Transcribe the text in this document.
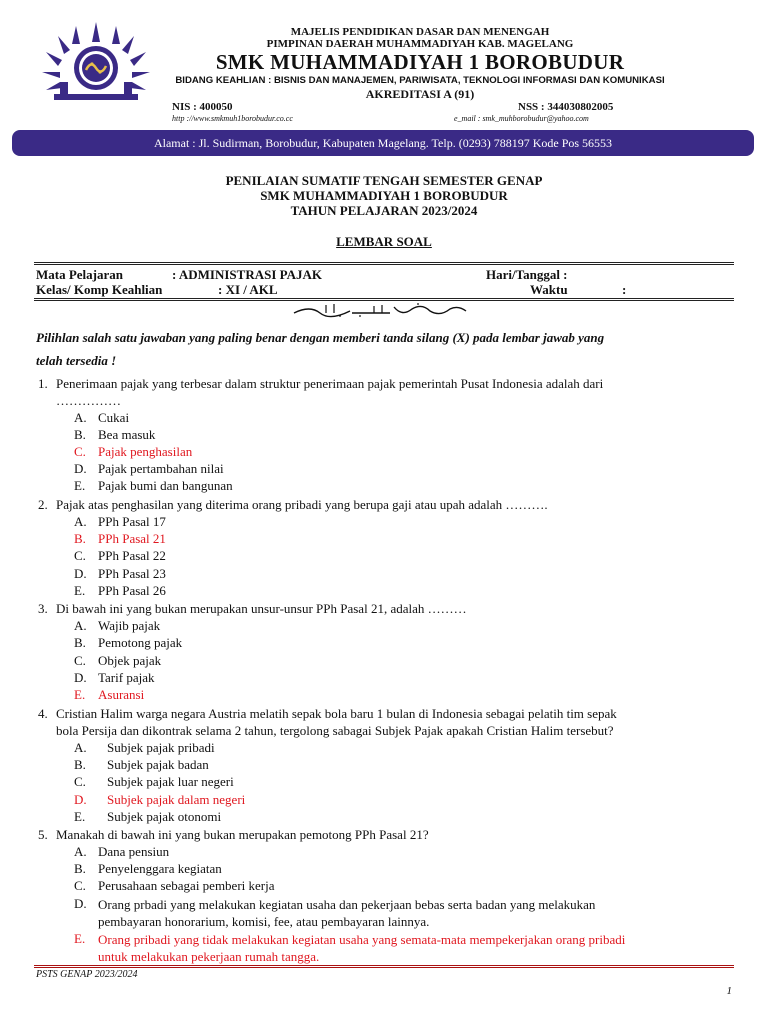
MAJELIS PENDIDIKAN DASAR DAN MENENGAH
PIMPINAN DAERAH MUHAMMADIYAH KAB. MAGELANG
SMK MUHAMMADIYAH 1 BOROBUDUR
BIDANG KEAHLIAN : BISNIS DAN MANAJEMEN, PARIWISATA, TEKNOLOGI INFORMASI DAN KOMUNIKASI
AKREDITASI A (91)
NIS : 400050	NSS : 344030802005
http ://www.smkmuh1borobudur.co.cc	e_mail : smk_muhborobudur@yahoo.com
Alamat : Jl. Sudirman, Borobudur, Kabupaten Magelang. Telp. (0293) 788197 Kode Pos 56553
PENILAIAN SUMATIF TENGAH SEMESTER GENAP
SMK MUHAMMADIYAH 1 BOROBUDUR
TAHUN PELAJARAN 2023/2024
LEMBAR SOAL
Mata Pelajaran	: ADMINISTRASI PAJAK	Hari/Tanggal :
Kelas/ Komp Keahlian	: XI / AKL	Waktu	:
Pilihlan salah satu jawaban yang paling benar dengan memberi tanda silang (X) pada lembar jawab yang
telah tersedia !
1. Penerimaan pajak yang terbesar dalam struktur penerimaan pajak pemerintah Pusat Indonesia adalah dari
……………
A. Cukai
B. Bea masuk
C. Pajak penghasilan
D. Pajak pertambahan nilai
E. Pajak bumi dan bangunan
2. Pajak atas penghasilan yang diterima orang pribadi yang berupa gaji atau upah adalah ……….
A. PPh Pasal 17
B. PPh Pasal 21
C. PPh Pasal 22
D. PPh Pasal 23
E. PPh Pasal 26
3. Di bawah ini yang bukan merupakan unsur-unsur PPh Pasal 21, adalah ………
A. Wajib pajak
B. Pemotong pajak
C. Objek pajak
D. Tarif pajak
E. Asuransi
4. Cristian Halim warga negara Austria melatih sepak bola baru 1 bulan di Indonesia sebagai pelatih tim sepak
bola Persija dan dikontrak selama 2 tahun, tergolong sabagai Subjek Pajak apakah Cristian Halim tersebut?
A.	Subjek pajak pribadi
B.	Subjek pajak badan
C.	Subjek pajak luar negeri
D.	Subjek pajak dalam negeri
E.	Subjek pajak otonomi
5. Manakah di bawah ini yang bukan merupakan pemotong PPh Pasal 21?
A. Dana pensiun
B. Penyelenggara kegiatan
C. Perusahaan sebagai pemberi kerja
D. Orang prbadi yang melakukan kegiatan usaha dan pekerjaan bebas serta badan yang melakukan
pembayaran honorarium, komisi, fee, atau pembayaran lainnya.
E. Orang pribadi yang tidak melakukan kegiatan usaha yang semata-mata mempekerjakan orang pribadi
untuk melakukan pekerjaan rumah tangga.
PSTS GENAP 2023/2024
1
